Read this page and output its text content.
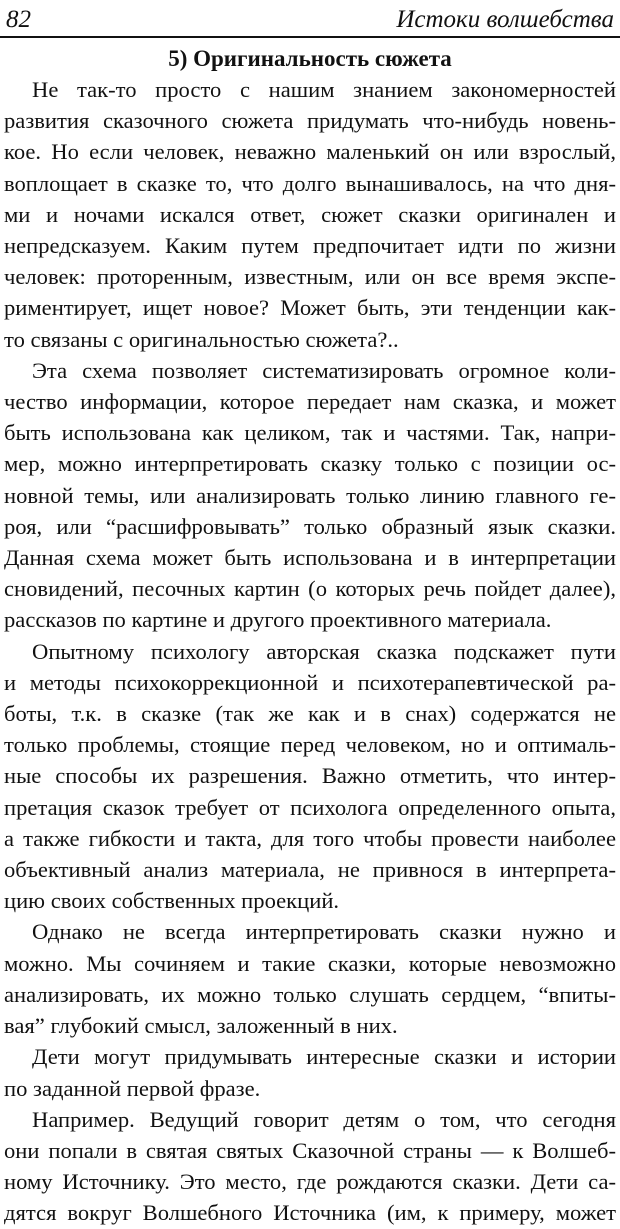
82	Истоки волшебства
5) Оригинальность сюжета

Не так-то просто с нашим знанием закономерностей
развития сказочного сюжета придумать что-нибудь новень-
кое. Но если человек, неважно маленький он или взрослый,
воплощает в сказке то, что долго вынашивалось, на что дня-
ми и ночами искался ответ, сюжет сказки оригинален и
непредсказуем. Каким путем предпочитает идти по жизни
человек: проторенным, известным, или он все время экспе-
риментирует, ищет новое? Может быть, эти тенденции как-
то связаны с оригинальностью сюжета?..

Эта схема позволяет систематизировать огромное коли-
чество информации, которое передает нам сказка, и может
быть использована как целиком, так и частями. Так, напри-
мер, можно интерпретировать сказку только с позиции ос-
новной темы, или анализировать только линию главного ге-
роя, или “расшифровывать” только образный язык сказки.
Данная схема может быть использована и в интерпретации
сновидений, песочных картин (о которых речь пойдет далее),
рассказов по картине и другого проективного материала.

Опытному психологу авторская сказка подскажет пути
и методы психокоррекционной и психотерапевтической ра-
боты, т.к. в сказке (так же как и в снах) содержатся не
только проблемы, стоящие перед человеком, но и оптималь-
ные способы их разрешения. Важно отметить, что интер-
претация сказок требует от психолога определенного опыта,
а также гибкости и такта, для того чтобы провести наиболее
объективный анализ материала, не привнося в интерпрета-
цию своих собственных проекций.

Однако не всегда интерпретировать сказки нужно и
можно. Мы сочиняем и такие сказки, которые невозможно
анализировать, их можно только слушать сердцем, “впиты-
вая” глубокий смысл, заложенный в них.

Дети могут придумывать интересные сказки и истории
по заданной первой фразе.

Например. Ведущий говорит детям о том, что сегодня
они попали в святая святых Сказочной страны — к Волшеб-
ному Источнику. Это место, где рождаются сказки. Дети са-
дятся вокруг Волшебного Источника (им, к примеру, может
